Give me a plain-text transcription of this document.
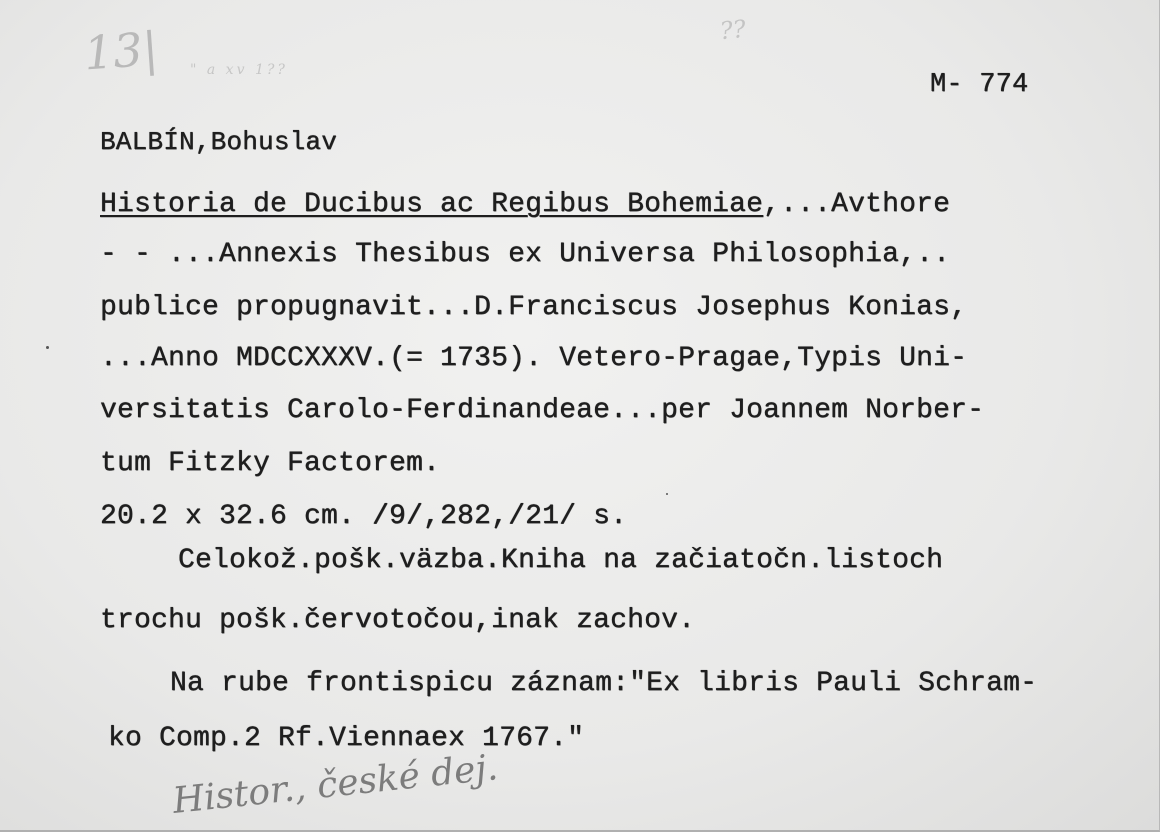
13| " a xv 1??
??
M- 774
BALBÍN,Bohuslav
Historia de Ducibus ac Regibus Bohemiae,...Avthore
- - ...Annexis Thesibus ex Universa Philosophia,..
publice propugnavit...D.Franciscus Josephus Konias,
...Anno MDCCXXXV.(= 1735). Vetero-Pragae,Typis Uni-
versitatis Carolo-Ferdinandeae...per Joannem Norber-
tum Fitzky Factorem.
20.2 x 32.6 cm. /9/,282,/21/ s.
Celokož.pošk.väzba.Kniha na začiatočn.listoch
trochu pošk.červotočou,inak zachov.
Na rube frontispicu záznam:"Ex libris Pauli Schram-
ko Comp.2 Rf.Viennaex 1767."
Histor., české dej.
